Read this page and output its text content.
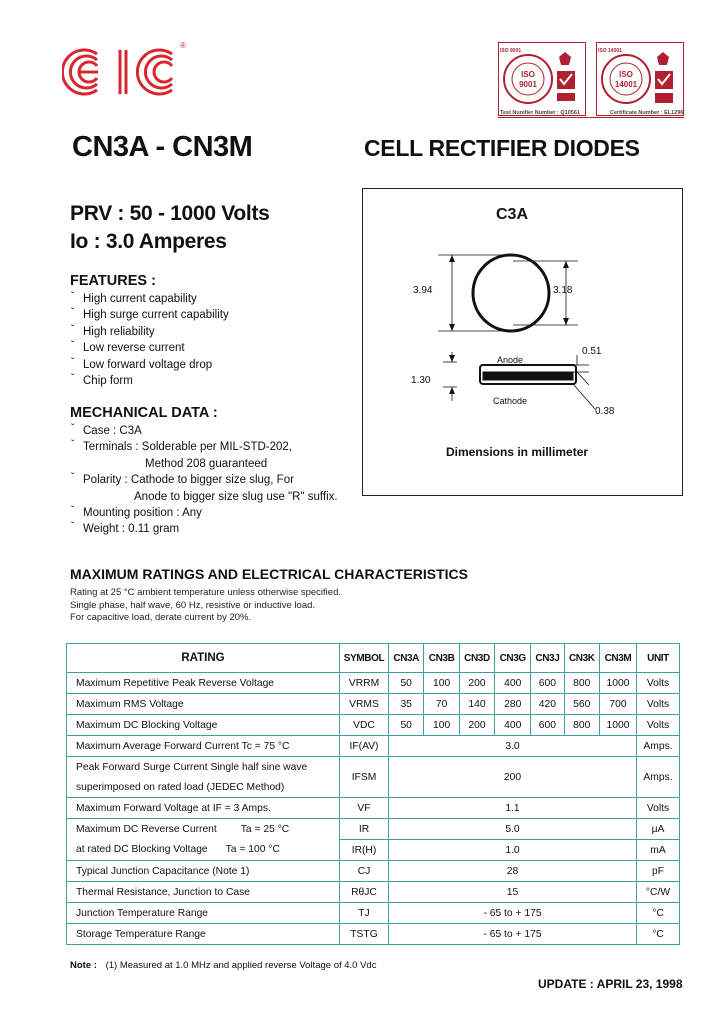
®
EIC
ISO
9001
ISO
14001
ISO 9001	ISO 14001
UKAS
Test Nunifier Number : Q10561	Certificate Number : EL1296
CN3A - CN3M	CELL RECTIFIER DIODES
PRV : 50 - 1000 Volts
Io : 3.0 Amperes
FEATURES :
ˇ High current capability
ˇ High surge current capability
ˇ High reliability
ˇ Low reverse current
ˇ Low forward voltage drop
ˇ Chip form
MECHANICAL DATA :
ˇ Case : C3A
ˇ Terminals : Solderable per MIL-STD-202,
Method 208 guaranteed
ˇ Polarity : Cathode to bigger size slug, For
Anode to bigger size slug use "R" suffix.
ˇ Mounting position : Any
ˇ Weight : 0.11 gram
C3A
3.94	3.18
1.30
0.51
0.38
Anode
Cathode
Dimensions in millimeter
MAXIMUM RATINGS AND ELECTRICAL CHARACTERISTICS
Rating at 25 °C ambient temperature unless otherwise specified.
Single phase, half wave, 60 Hz, resistive or inductive load.
For capacitive load, derate current by 20%.
RATING	SYMBOL	CN3A	CN3B	CN3D	CN3G	CN3J	CN3K	CN3M	UNIT
Maximum Repetitive Peak Reverse Voltage	VRRM	50	100	200	400	600	800	1000	Volts
Maximum RMS Voltage	VRMS	35	70	140	280	420	560	700	Volts
Maximum DC Blocking Voltage	VDC	50	100	200	400	600	800	1000	Volts
Maximum Average Forward Current Tc = 75 °C	IF(AV)	3.0							Amps.
Peak Forward Surge Current Single half sine wave	IFSM	200							Amps.
superimposed on rated load (JEDEC Method)									
Maximum Forward Voltage at IF = 3 Amps.	VF	1.1							Volts
Maximum DC Reverse Current Ta = 25 °C	IR	5.0							μA
at rated DC Blocking Voltage Ta = 100 °C	IR(H)	1.0							mA
Typical Junction Capacitance (Note 1)	CJ	28							pF
Thermal Resistance, Junction to Case	RθJC	15							°C/W
Junction Temperature Range	TJ	- 65 to + 175							°C
Storage Temperature Range	TSTG	- 65 to + 175							°C
Note : (1) Measured at 1.0 MHz and applied reverse Voltage of 4.0 Vdc
UPDATE : APRIL 23, 1998
